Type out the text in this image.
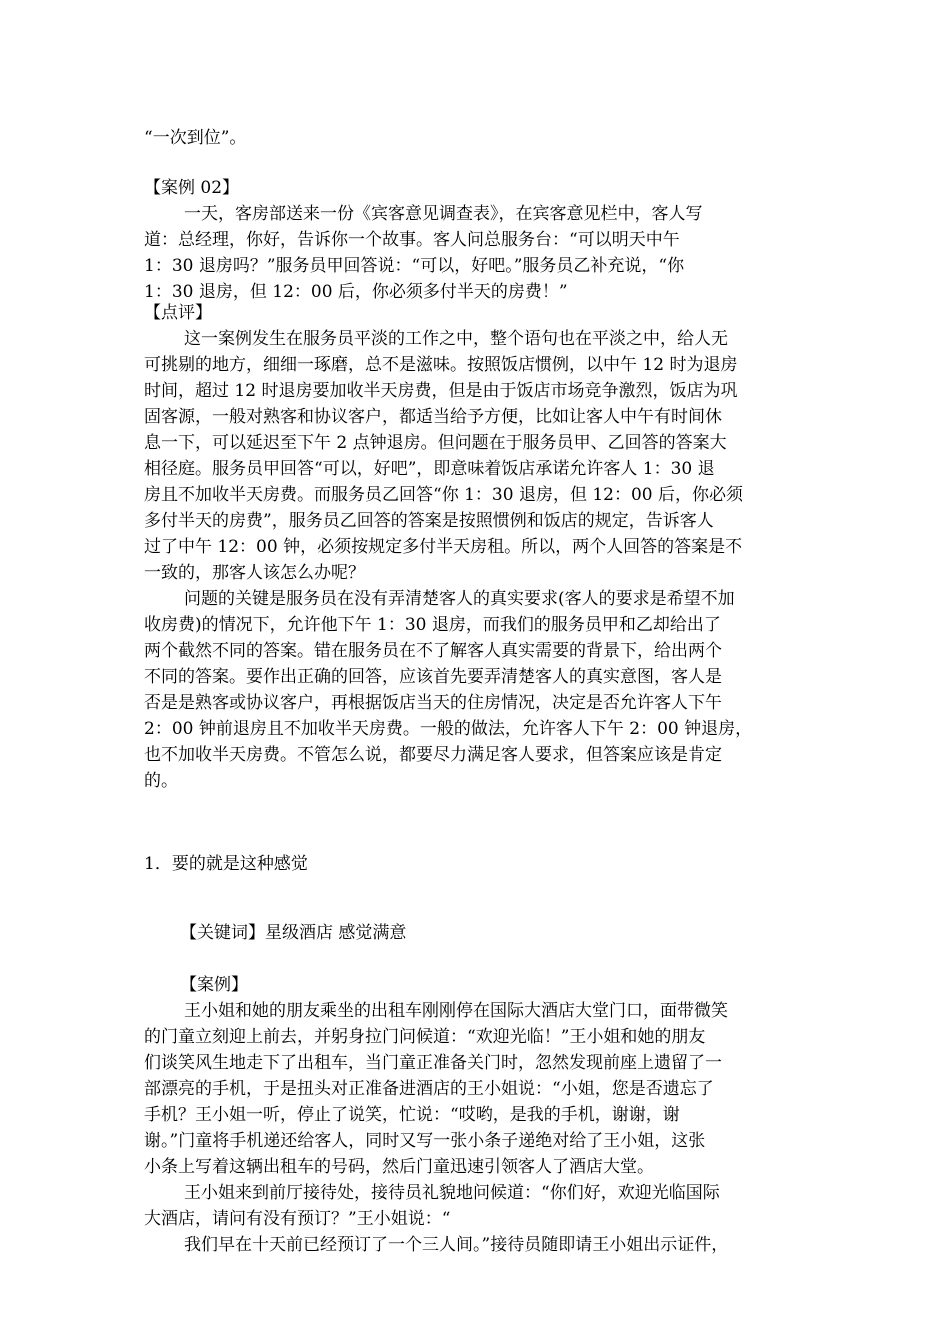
“一次到位”。
【案例 02】
一天，客房部送来一份《宾客意见调查表》，在宾客意见栏中，客人写
道：总经理，你好，告诉你一个故事。客人问总服务台：“可以明天中午
1：30 退房吗？”服务员甲回答说：“可以，好吧。”服务员乙补充说，“你
1：30 退房，但 12：00 后，你必须多付半天的房费！”
【点评】
这一案例发生在服务员平淡的工作之中，整个语句也在平淡之中，给人无
可挑剔的地方，细细一琢磨，总不是滋味。按照饭店惯例，以中午 12 时为退房
时间，超过 12 时退房要加收半天房费，但是由于饭店市场竞争激烈，饭店为巩
固客源，一般对熟客和协议客户，都适当给予方便，比如让客人中午有时间休
息一下，可以延迟至下午 2 点钟退房。但问题在于服务员甲、乙回答的答案大
相径庭。服务员甲回答“可以，好吧”，即意味着饭店承诺允许客人 1：30 退
房且不加收半天房费。而服务员乙回答“你 1：30 退房，但 12：00 后，你必须
多付半天的房费”，服务员乙回答的答案是按照惯例和饭店的规定，告诉客人
过了中午 12：00 钟，必须按规定多付半天房租。所以，两个人回答的答案是不
一致的，那客人该怎么办呢？
问题的关键是服务员在没有弄清楚客人的真实要求(客人的要求是希望不加
收房费)的情况下，允许他下午 1：30 退房，而我们的服务员甲和乙却给出了
两个截然不同的答案。错在服务员在不了解客人真实需要的背景下，给出两个
不同的答案。要作出正确的回答，应该首先要弄清楚客人的真实意图，客人是
否是是熟客或协议客户，再根据饭店当天的住房情况，决定是否允许客人下午
2：00 钟前退房且不加收半天房费。一般的做法，允许客人下午 2：00 钟退房，
也不加收半天房费。不管怎么说，都要尽力满足客人要求，但答案应该是肯定
的。
1．要的就是这种感觉
【关键词】星级酒店 感觉满意
【案例】
王小姐和她的朋友乘坐的出租车刚刚停在国际大酒店大堂门口，面带微笑
的门童立刻迎上前去，并躬身拉门问候道：“欢迎光临！”王小姐和她的朋友
们谈笑风生地走下了出租车，当门童正准备关门时，忽然发现前座上遗留了一
部漂亮的手机，于是扭头对正准备进酒店的王小姐说：“小姐，您是否遗忘了
手机？王小姐一听，停止了说笑，忙说：“哎哟，是我的手机，谢谢，谢
谢。”门童将手机递还给客人，同时又写一张小条子递绝对给了王小姐，这张
小条上写着这辆出租车的号码，然后门童迅速引领客人了酒店大堂。
王小姐来到前厅接待处，接待员礼貌地问候道：“你们好，欢迎光临国际
大酒店，请问有没有预订？”王小姐说：“
我们早在十天前已经预订了一个三人间。”接待员随即请王小姐出示证件，
